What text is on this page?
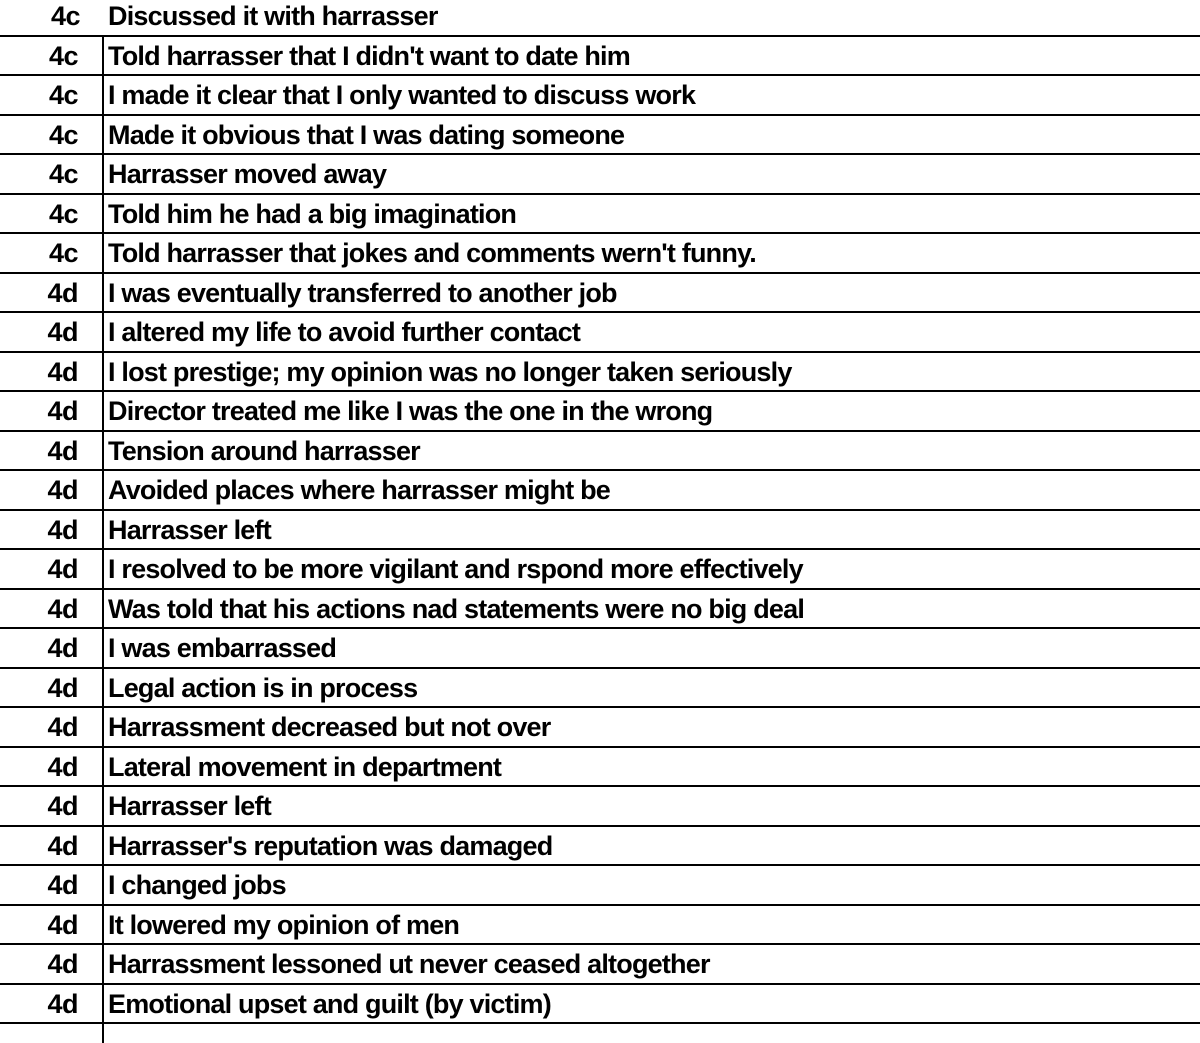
4c	Discussed it with harrasser
4c	Told harrasser that I didn't want to date him
4c	I made it clear that I only wanted to discuss work
4c	Made it obvious that I was dating someone
4c	Harrasser moved away
4c	Told him he had a big imagination
4c	Told harrasser that jokes and comments wern't funny.
4d	I was eventually transferred to another job
4d	I altered my life to avoid further contact
4d	I lost prestige; my opinion was no longer taken seriously
4d	Director treated me like I was the one in the wrong
4d	Tension around harrasser
4d	Avoided places where harrasser might be
4d	Harrasser left
4d	I resolved to be more vigilant and rspond more effectively
4d	Was told that his actions nad statements were no big deal
4d	I was embarrassed
4d	Legal action is in process
4d	Harrassment decreased but not over
4d	Lateral movement in department
4d	Harrasser left
4d	Harrasser's reputation was damaged
4d	I changed jobs
4d	It lowered my opinion of men
4d	Harrassment lessoned ut never ceased altogether
4d	Emotional upset and guilt (by victim)
